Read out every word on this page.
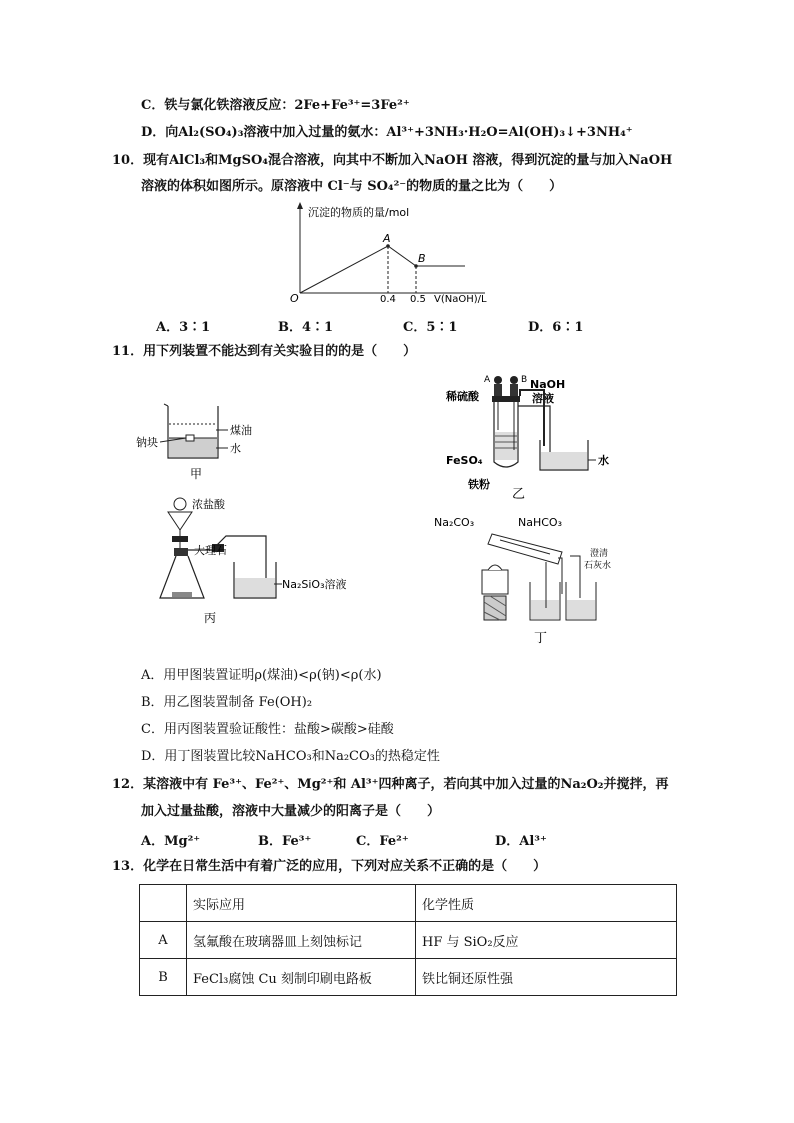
C．铁与氯化铁溶液反应：2Fe+Fe³⁺=3Fe²⁺
D．向Al₂(SO₄)₃溶液中加入过量的氨水：Al³⁺+3NH₃·H₂O=Al(OH)₃↓+3NH₄⁺
10．现有AlCl₃和MgSO₄混合溶液，向其中不断加入NaOH 溶液，得到沉淀的量与加入NaOH
溶液的体积如图所示。原溶液中 Cl⁻与 SO₄²⁻的物质的量之比为（　　）
沉淀的物质的量/mol
O
A
B
0.4 0.5 V(NaOH)/L
A．3∶1	B．4∶1	C．5∶1	D．6∶1
11．用下列装置不能达到有关实验目的的是（　　）
煤油
水
钠块
甲
A	B NaOH
溶液
稀硫酸
水
FeSO₄
铁粉
乙
浓盐酸
Na₂SiO₃溶液
大理石
丙
Na₂CO₃	NaHCO₃
澄清
石灰水
丁
A．用甲图装置证明ρ(煤油)<ρ(钠)<ρ(水)
B．用乙图装置制备 Fe(OH)₂
C．用丙图装置验证酸性：盐酸>碳酸>硅酸
D．用丁图装置比较NaHCO₃和Na₂CO₃的热稳定性
12．某溶液中有 Fe³⁺、Fe²⁺、Mg²⁺和 Al³⁺四种离子，若向其中加入过量的Na₂O₂并搅拌，再
加入过量盐酸，溶液中大量减少的阳离子是（　　）
A．Mg²⁺	B．Fe³⁺	C．Fe²⁺	D．Al³⁺
13．化学在日常生活中有着广泛的应用，下列对应关系不正确的是（　　）
	实际应用	化学性质
A	氢氟酸在玻璃器皿上刻蚀标记	HF 与 SiO₂反应
B	FeCl₃腐蚀 Cu 刻制印刷电路板	铁比铜还原性强
